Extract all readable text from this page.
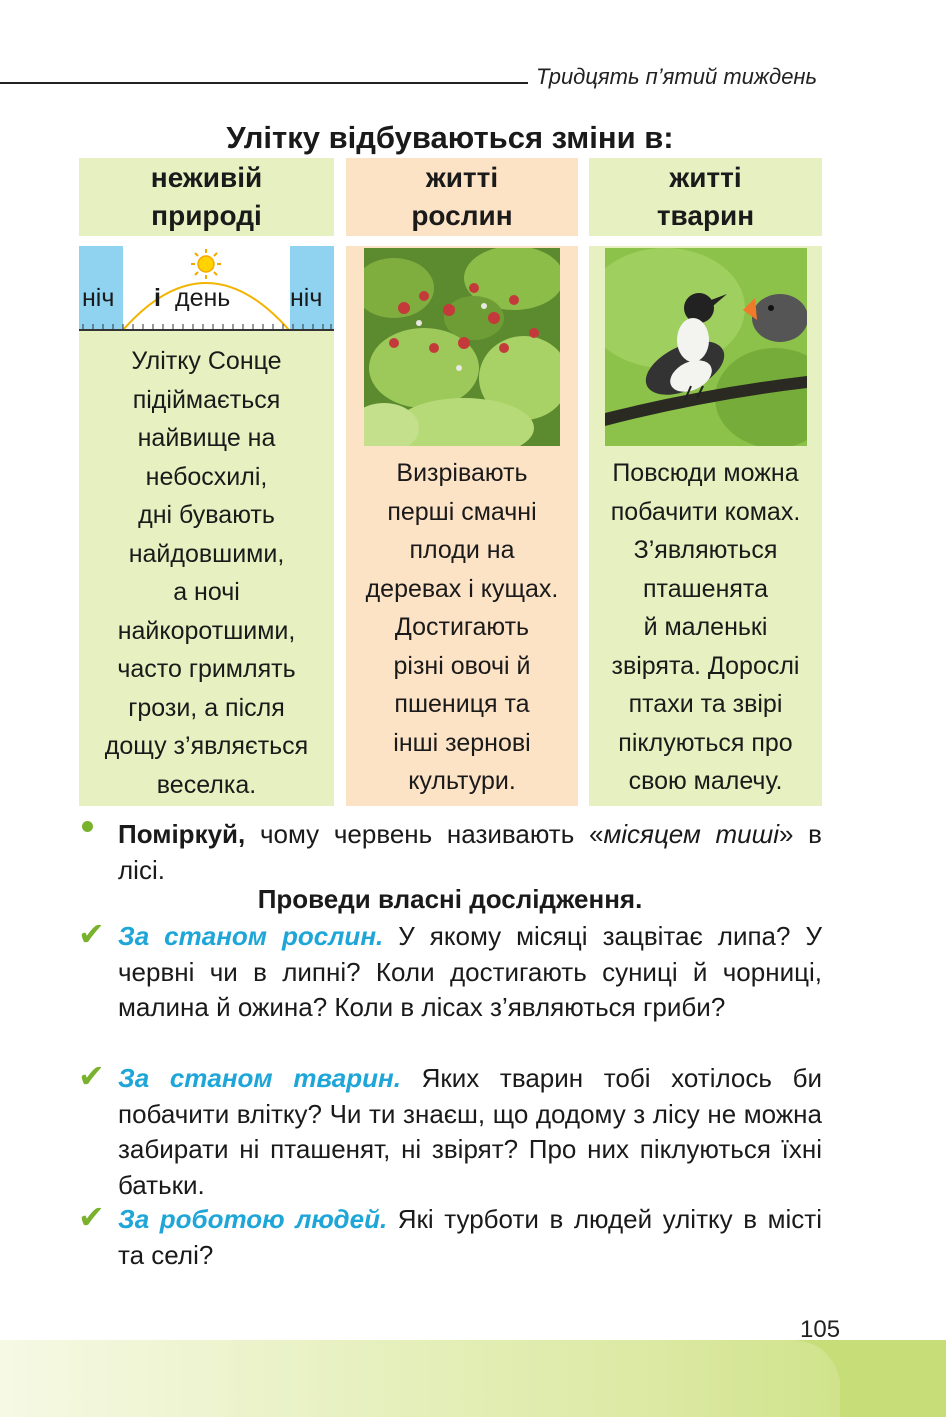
Тридцять п’ятий тиждень
Улітку відбуваються зміни в:
неживій
природі
житті
рослин
житті
тварин
ніч і день ніч
Улітку Сонце
підіймається
найвище на
небосхилі,
дні бувають
найдовшими,
а ночі
найкоротшими,
часто гримлять
грози, а після
дощу з’являється
веселка.
Визрівають
перші смачні
плоди на
деревах і кущах.
Достигають
різні овочі й
пшениця та
інші зернові
культури.
Повсюди можна
побачити комах.
З’являються
пташенята
й маленькі
звірята. Дорослі
птахи та звірі
піклуються про
свою малечу.
Поміркуй, чому червень називають «місяцем тиші» в лісі.
Проведи власні дослідження.
✔ За станом рослин. У якому місяці зацвітає липа? У червні чи в липні? Коли достигають суниці й чорниці, малина й ожина? Коли в лісах з’являються гриби?
✔ За станом тварин. Яких тварин тобі хотілось би побачити влітку? Чи ти знаєш, що додому з лісу не можна забирати ні пташенят, ні звірят? Про них піклуються їхні батьки.
✔ За роботою людей. Які турботи в людей улітку в місті та селі?
105
